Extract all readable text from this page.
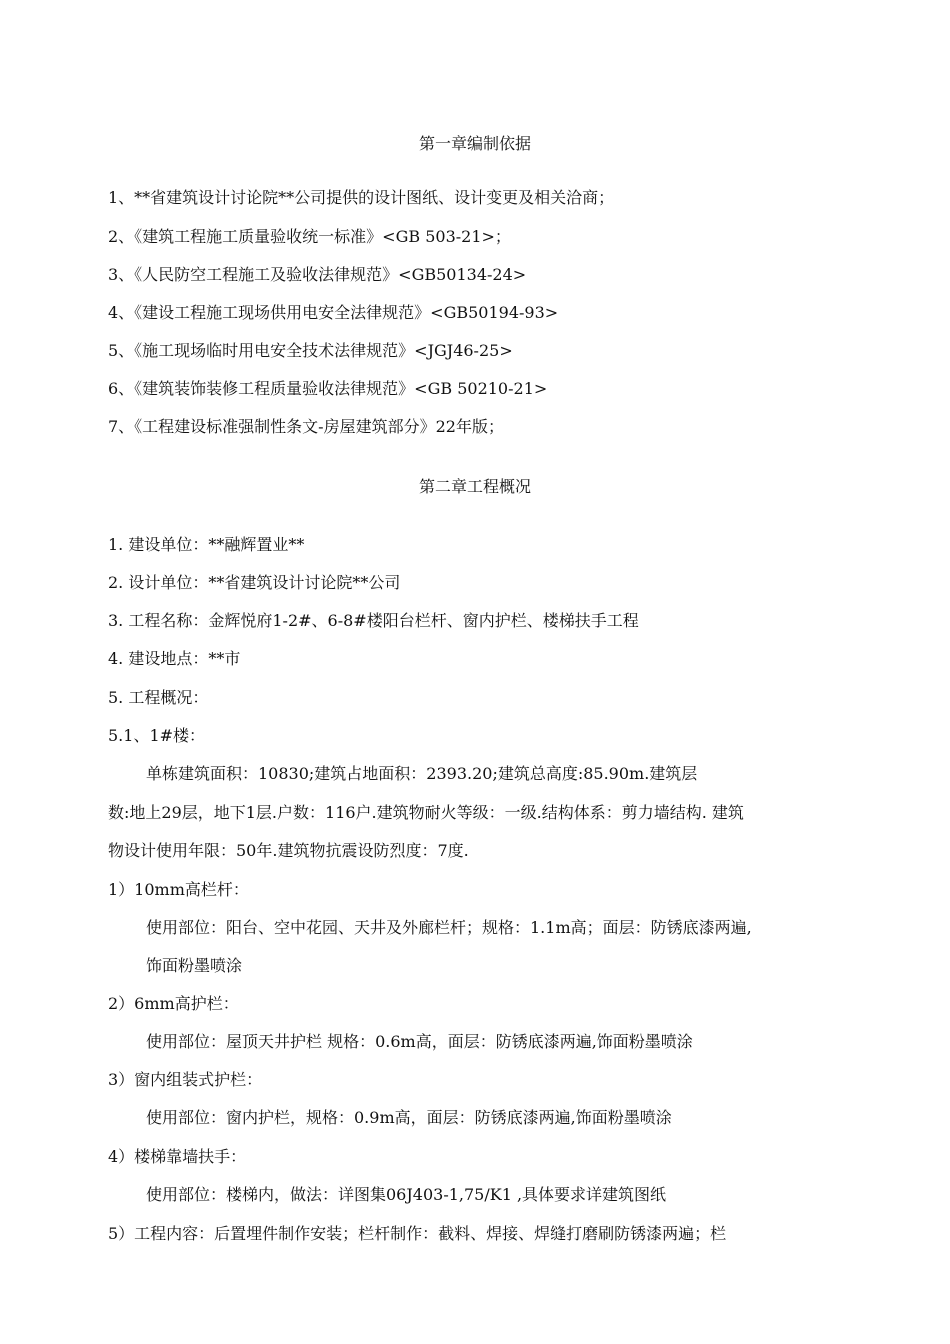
第一章编制依据
1、**省建筑设计讨论院**公司提供的设计图纸、设计变更及相关洽商；
2、《建筑工程施工质量验收统一标准》<GB 503-21>；
3、《人民防空工程施工及验收法律规范》<GB50134-24>
4、《建设工程施工现场供用电安全法律规范》<GB50194-93>
5、《施工现场临时用电安全技术法律规范》<JGJ46-25>
6、《建筑装饰装修工程质量验收法律规范》<GB 50210-21>
7、《工程建设标准强制性条文-房屋建筑部分》22年版；
第二章工程概况
1. 建设单位：**融辉置业**
2. 设计单位：**省建筑设计讨论院**公司
3. 工程名称：金辉悦府1-2#、6-8#楼阳台栏杆、窗内护栏、楼梯扶手工程
4. 建设地点：**市
5. 工程概况：
5.1、1#楼：
单栋建筑面积：10830;建筑占地面积：2393.20;建筑总高度:85.90m.建筑层
数:地上29层，地下1层.户数：116户.建筑物耐火等级：一级.结构体系：剪力墙结构. 建筑
物设计使用年限：50年.建筑物抗震设防烈度：7度.
1）10mm高栏杆：
使用部位：阳台、空中花园、天井及外廊栏杆；规格：1.1m高；面层：防锈底漆两遍,
饰面粉墨喷涂
2）6mm高护栏：
使用部位：屋顶天井护栏 规格：0.6m高，面层：防锈底漆两遍,饰面粉墨喷涂
3）窗内组装式护栏：
使用部位：窗内护栏，规格：0.9m高，面层：防锈底漆两遍,饰面粉墨喷涂
4）楼梯靠墙扶手：
使用部位：楼梯内，做法：详图集06J403-1,75/K1 ,具体要求详建筑图纸
5）工程内容：后置埋件制作安装；栏杆制作：截料、焊接、焊缝打磨刷防锈漆两遍；栏
